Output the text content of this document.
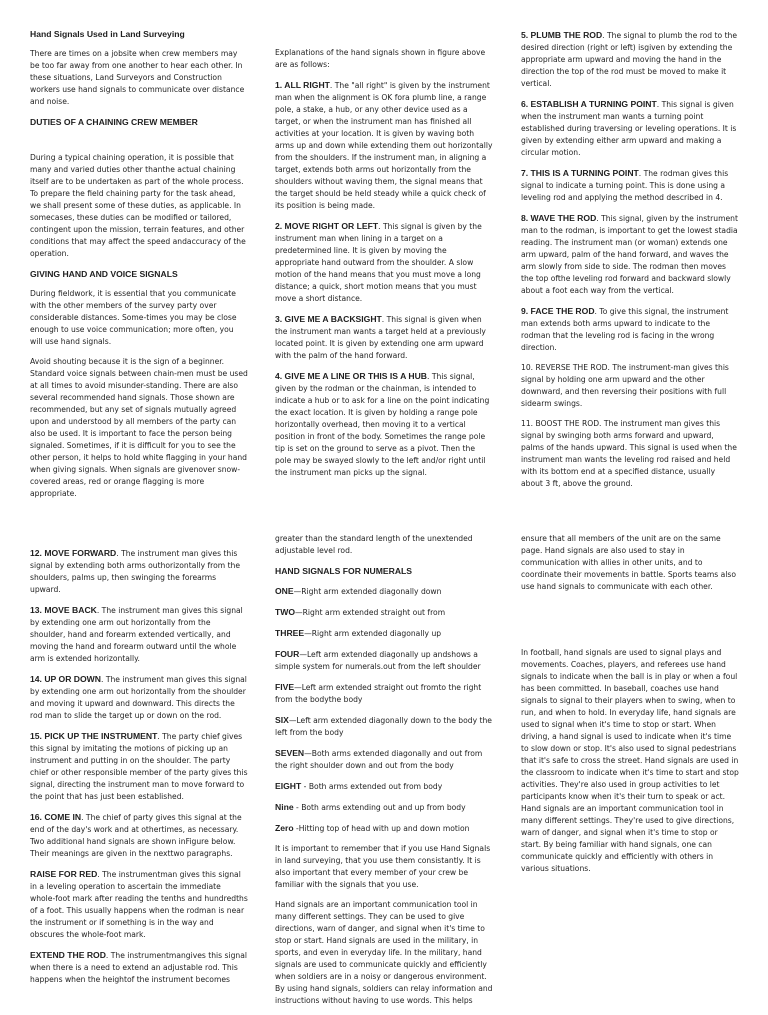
Hand Signals Used in Land Surveying

There are times on a jobsite when crew members may be too far away from one another to hear each other. In these situations, Land Surveyors and Construction workers use hand signals to communicate over distance and noise.

DUTIES OF A CHAINING CREW MEMBER

During a typical chaining operation, it is possible that many and varied duties other thanthe actual chaining itself are to be undertaken as part of the whole process. To prepare the field chaining party for the task ahead, we shall present some of these duties, as applicable. In somecases, these duties can be modified or tailored, contingent upon the mission, terrain features, and other conditions that may affect the speed andaccuracy of the operation.

GIVING HAND AND VOICE SIGNALS

During fieldwork, it is essential that you communicate with the other members of the survey party over considerable distances. Some-times you may be close enough to use voice communication; more often, you will use hand signals.

Avoid shouting because it is the sign of a beginner. Standard voice signals between chain-men must be used at all times to avoid misunder-standing. There are also several recommended hand signals. Those shown are recommended, but any set of signals mutually agreed upon and understood by all members of the party can also be used. It is important to face the person being signaled. Sometimes, if it is difficult for you to see the other person, it helps to hold white flagging in your hand when giving signals. When signals are givenover snow-covered areas, red or orange flagging is more appropriate.

Explanations of the hand signals shown in figure above are as follows:

1. ALL RIGHT. The "all right" is given by the instrument man when the alignment is OK fora plumb line, a range pole, a stake, a hub, or any other device used as a target, or when the instrument man has finished all activities at your location. It is given by waving both arms up and down while extending them out horizontally from the shoulders. If the instrument man, in aligning a target, extends both arms out horizontally from the shoulders without waving them, the signal means that the target should be held steady while a quick check of its position is being made.

2. MOVE RIGHT OR LEFT. This signal is given by the instrument man when lining in a target on a predetermined line. It is given by moving the appropriate hand outward from the shoulder. A slow motion of the hand means that you must move a long distance; a quick, short motion means that you must move a short distance.

3. GIVE ME A BACKSIGHT. This signal is given when the instrument man wants a target held at a previously located point. It is given by extending one arm upward with the palm of the hand forward.

4. GIVE ME A LINE OR THIS IS A HUB. This signal, given by the rodman or the chainman, is intended to indicate a hub or to ask for a line on the point indicating the exact location. It is given by holding a range pole horizontally overhead, then moving it to a vertical position in front of the body. Sometimes the range pole tip is set on the ground to serve as a pivot. Then the pole may be swayed slowly to the left and/or right until the instrument man picks up the signal.

5. PLUMB THE ROD. The signal to plumb the rod to the desired direction (right or left) isgiven by extending the appropriate arm upward and moving the hand in the direction the top of the rod must be moved to make it vertical.

6. ESTABLISH A TURNING POINT. This signal is given when the instrument man wants a turning point established during traversing or leveling operations. It is given by extending either arm upward and making a circular motion.

7. THIS IS A TURNING POINT. The rodman gives this signal to indicate a turning point. This is done using a leveling rod and applying the method described in 4.

8. WAVE THE ROD. This signal, given by the instrument man to the rodman, is important to get the lowest stadia reading. The instrument man (or woman) extends one arm upward, palm of the hand forward, and waves the arm slowly from side to side. The rodman then moves the top ofthe leveling rod forward and backward slowly about a foot each way from the vertical.

9. FACE THE ROD. To give this signal, the instrument man extends both arms upward to indicate to the rodman that the leveling rod is facing in the wrong direction.

10. REVERSE THE ROD. The instrument-man gives this signal by holding one arm upward and the other downward, and then reversing their positions with full sidearm swings.

11. BOOST THE ROD. The instrument man gives this signal by swinging both arms forward and upward, palms of the hands upward. This signal is used when the instrument man wants the leveling rod raised and held with its bottom end at a specified distance, usually about 3 ft, above the ground.

12. MOVE FORWARD. The instrument man gives this signal by extending both arms outhorizontally from the shoulders, palms up, then swinging the forearms upward.

13. MOVE BACK. The instrument man gives this signal by extending one arm out horizontally from the shoulder, hand and forearm extended vertically, and moving the hand and forearm outward until the whole arm is extended horizontally.

14. UP OR DOWN. The instrument man gives this signal by extending one arm out horizontally from the shoulder and moving it upward and downward. This directs the rod man to slide the target up or down on the rod.

15. PICK UP THE INSTRUMENT. The party chief gives this signal by imitating the motions of picking up an instrument and putting in on the shoulder. The party chief or other responsible member of the party gives this signal, directing the instrument man to move forward to the point that has just been established.

16. COME IN. The chief of party gives this signal at the end of the day's work and at othertimes, as necessary. Two additional hand signals are shown inFigure below. Their meanings are given in the nexttwo paragraphs.

RAISE FOR RED. The instrumentman gives this signal in a leveling operation to ascertain the immediate whole-foot mark after reading the tenths and hundredths of a foot. This usually happens when the rodman is near the instrument or if something is in the way and obscures the whole-foot mark.

EXTEND THE ROD. The instrumentmangives this signal when there is a need to extend an adjustable rod. This happens when the heightof the instrument becomes

greater than the standard length of the unextended adjustable level rod.

HAND SIGNALS FOR NUMERALS

ONE—Right arm extended diagonally down

TWO—Right arm extended straight out from

THREE—Right arm extended diagonally up

FOUR—Left arm extended diagonally up andshows a simple system for numerals.out from the left shoulder

FIVE—Left arm extended straight out fromto the right from the bodythe body

SIX—Left arm extended diagonally down to the body the left from the body

SEVEN—Both arms extended diagonally and out from the right shoulder down and out from the body

EIGHT - Both arms extended out from body

Nine - Both arms extending out and up from body

Zero -Hitting top of head with up and down motion

It is important to remember that if you use Hand Signals in land surveying, that you use them consistantly. It is also important that every member of your crew be familiar with the signals that you use.

Hand signals are an important communication tool in many different settings. They can be used to give directions, warn of danger, and signal when it's time to stop or start. Hand signals are used in the military, in sports, and even in everyday life. In the military, hand signals are used to communicate quickly and efficiently when soldiers are in a noisy or dangerous environment. By using hand signals, soldiers can relay information and instructions without having to use words. This helps

ensure that all members of the unit are on the same page. Hand signals are also used to stay in communication with allies in other units, and to coordinate their movements in battle. Sports teams also use hand signals to communicate with each other.

In football, hand signals are used to signal plays and movements. Coaches, players, and referees use hand signals to indicate when the ball is in play or when a foul has been committed. In baseball, coaches use hand signals to signal to their players when to swing, when to run, and when to hold. In everyday life, hand signals are used to signal when it's time to stop or start. When driving, a hand signal is used to indicate when it's time to slow down or stop. It's also used to signal pedestrians that it's safe to cross the street. Hand signals are used in the classroom to indicate when it's time to start and stop activities. They're also used in group activities to let participants know when it's their turn to speak or act. Hand signals are an important communication tool in many different settings. They're used to give directions, warn of danger, and signal when it's time to stop or start. By being familiar with hand signals, one can communicate quickly and efficiently with others in various situations.
